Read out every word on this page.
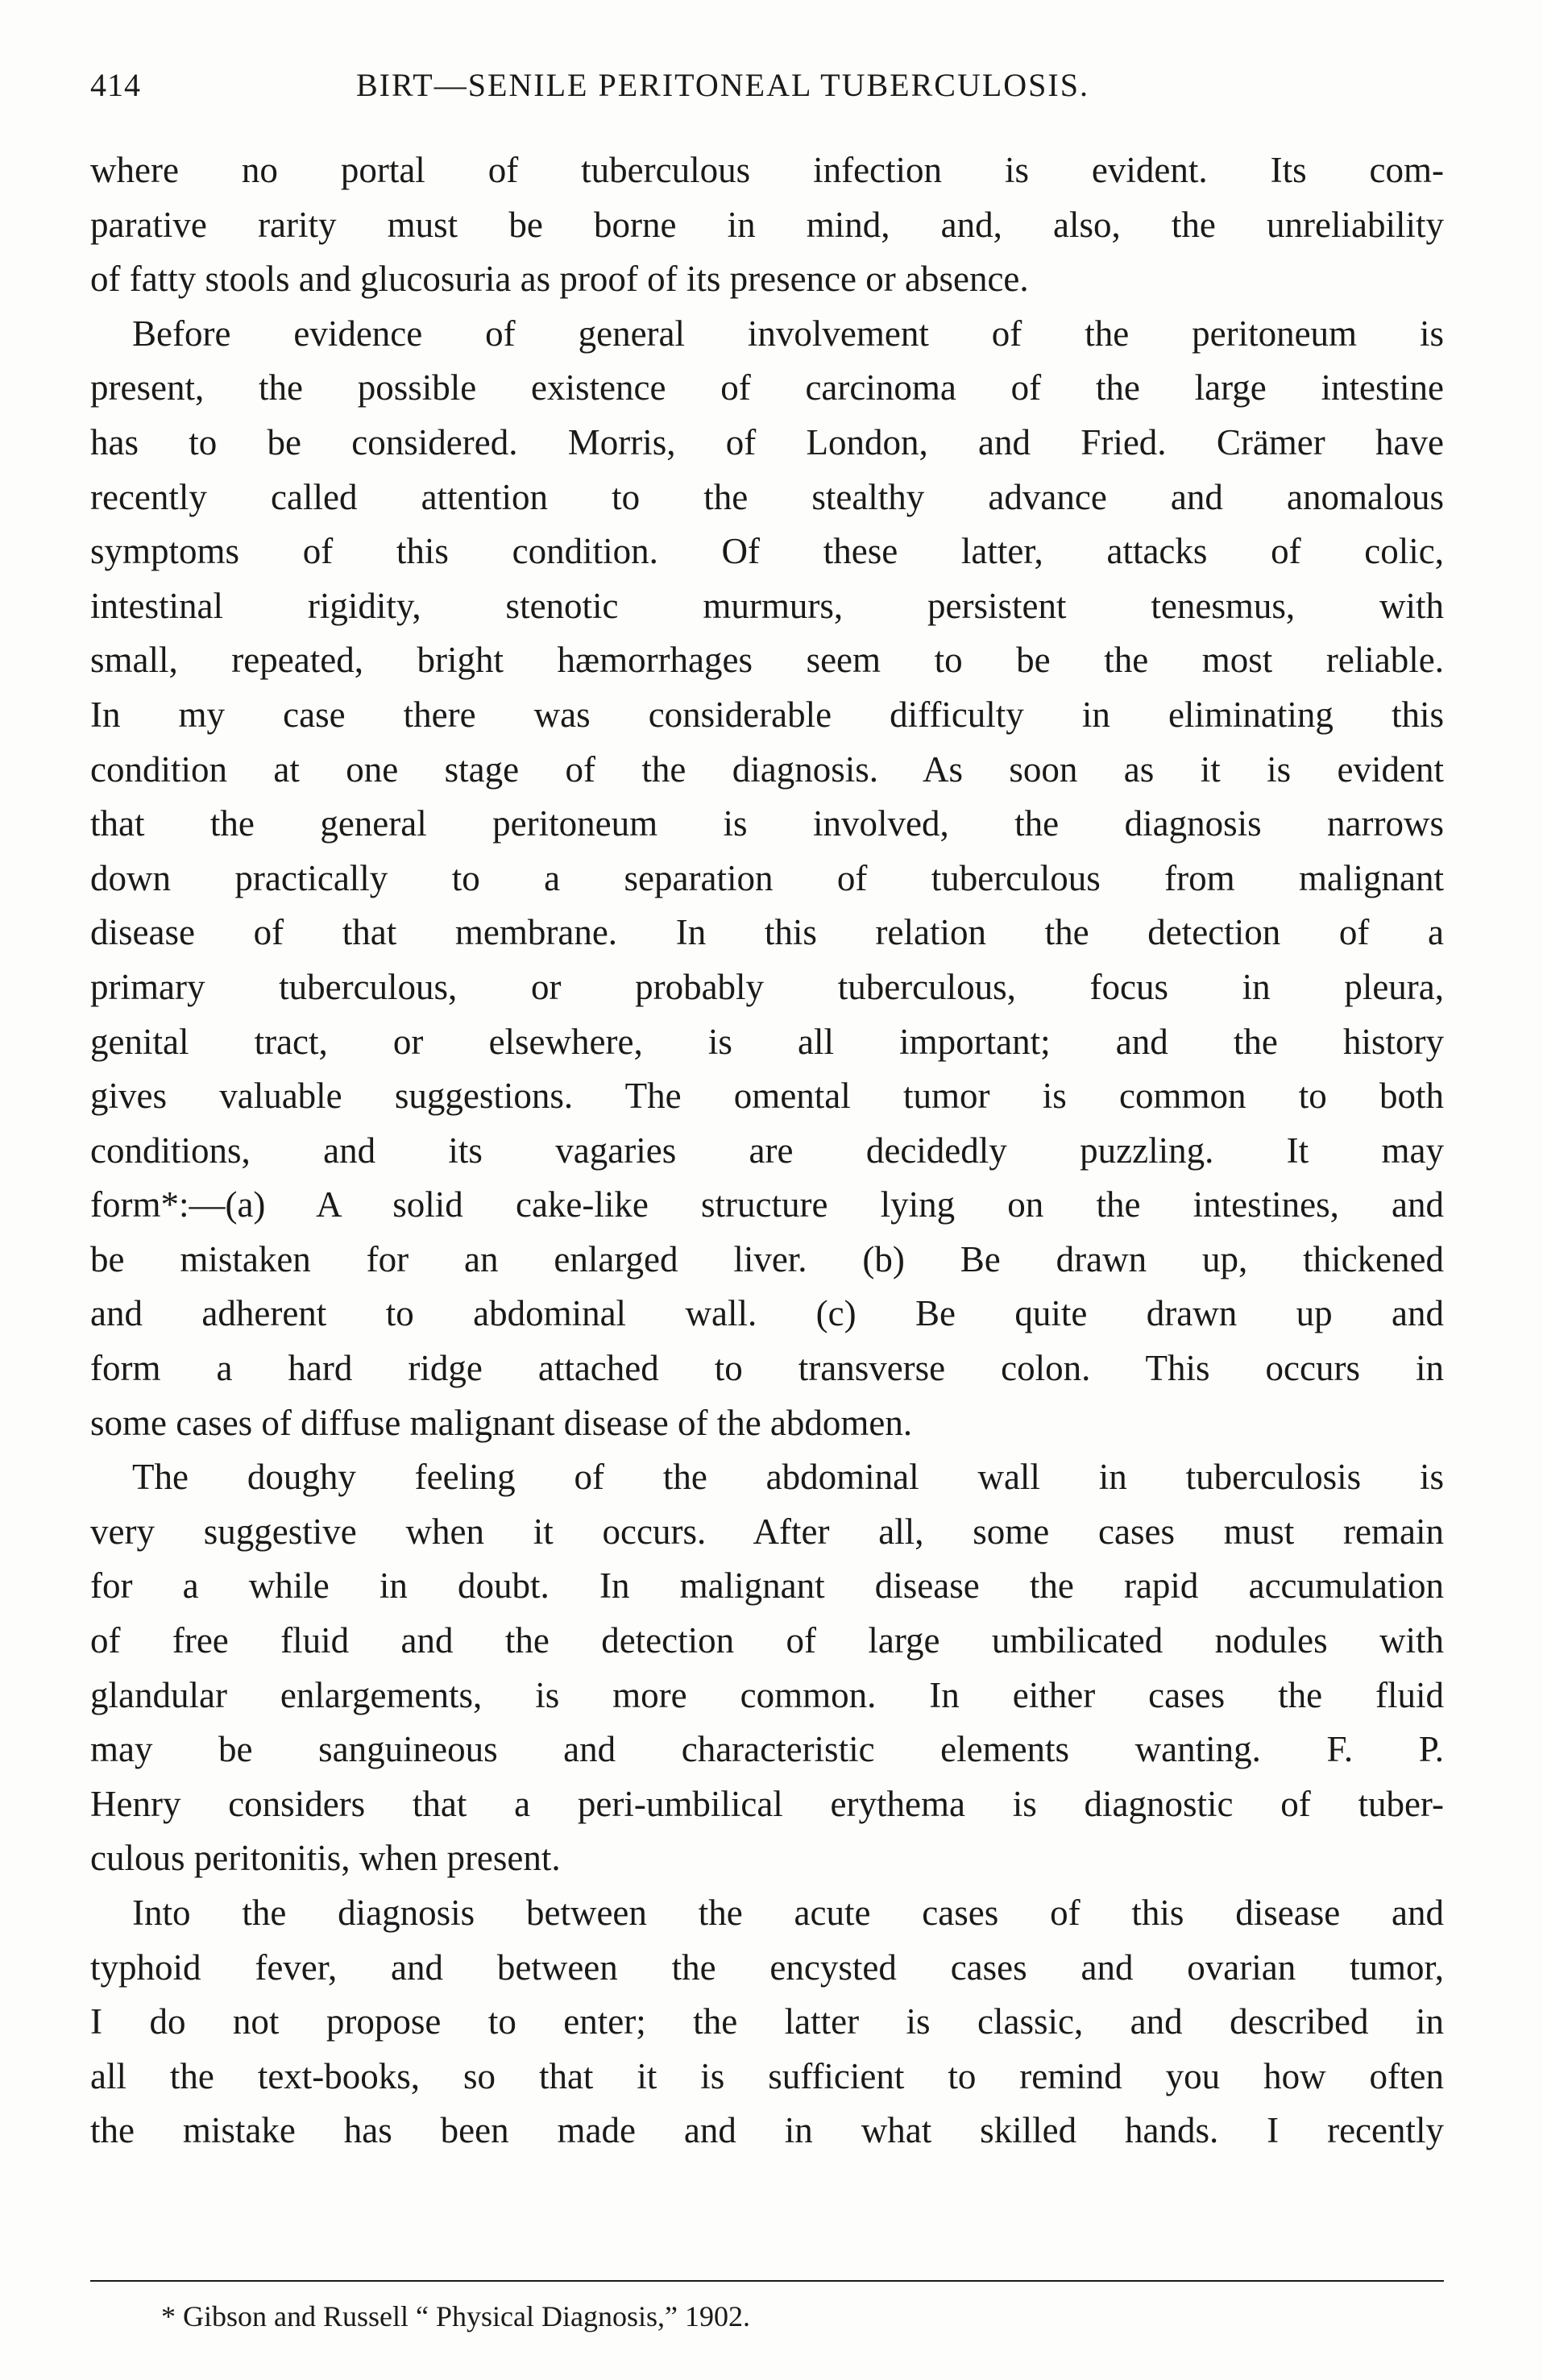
414	BIRT—SENILE PERITONEAL TUBERCULOSIS.
where no portal of tuberculous infection is evident. Its com-
parative rarity must be borne in mind, and, also, the unreliability
of fatty stools and glucosuria as proof of its presence or absence.
Before evidence of general involvement of the peritoneum is
present, the possible existence of carcinoma of the large intestine
has to be considered. Morris, of London, and Fried. Crämer have
recently called attention to the stealthy advance and anomalous
symptoms of this condition. Of these latter, attacks of colic,
intestinal rigidity, stenotic murmurs, persistent tenesmus, with
small, repeated, bright hæmorrhages seem to be the most reliable.
In my case there was considerable difficulty in eliminating this
condition at one stage of the diagnosis. As soon as it is evident
that the general peritoneum is involved, the diagnosis narrows
down practically to a separation of tuberculous from malignant
disease of that membrane. In this relation the detection of a
primary tuberculous, or probably tuberculous, focus in pleura,
genital tract, or elsewhere, is all important; and the history
gives valuable suggestions. The omental tumor is common to both
conditions, and its vagaries are decidedly puzzling. It may
form*:—(a) A solid cake-like structure lying on the intestines, and
be mistaken for an enlarged liver. (b) Be drawn up, thickened
and adherent to abdominal wall. (c) Be quite drawn up and
form a hard ridge attached to transverse colon. This occurs in
some cases of diffuse malignant disease of the abdomen.
The doughy feeling of the abdominal wall in tuberculosis is
very suggestive when it occurs. After all, some cases must remain
for a while in doubt. In malignant disease the rapid accumulation
of free fluid and the detection of large umbilicated nodules with
glandular enlargements, is more common. In either cases the fluid
may be sanguineous and characteristic elements wanting. F. P.
Henry considers that a peri-umbilical erythema is diagnostic of tuber-
culous peritonitis, when present.
Into the diagnosis between the acute cases of this disease and
typhoid fever, and between the encysted cases and ovarian tumor,
I do not propose to enter; the latter is classic, and described in
all the text-books, so that it is sufficient to remind you how often
the mistake has been made and in what skilled hands. I recently
* Gibson and Russell “ Physical Diagnosis,” 1902.
